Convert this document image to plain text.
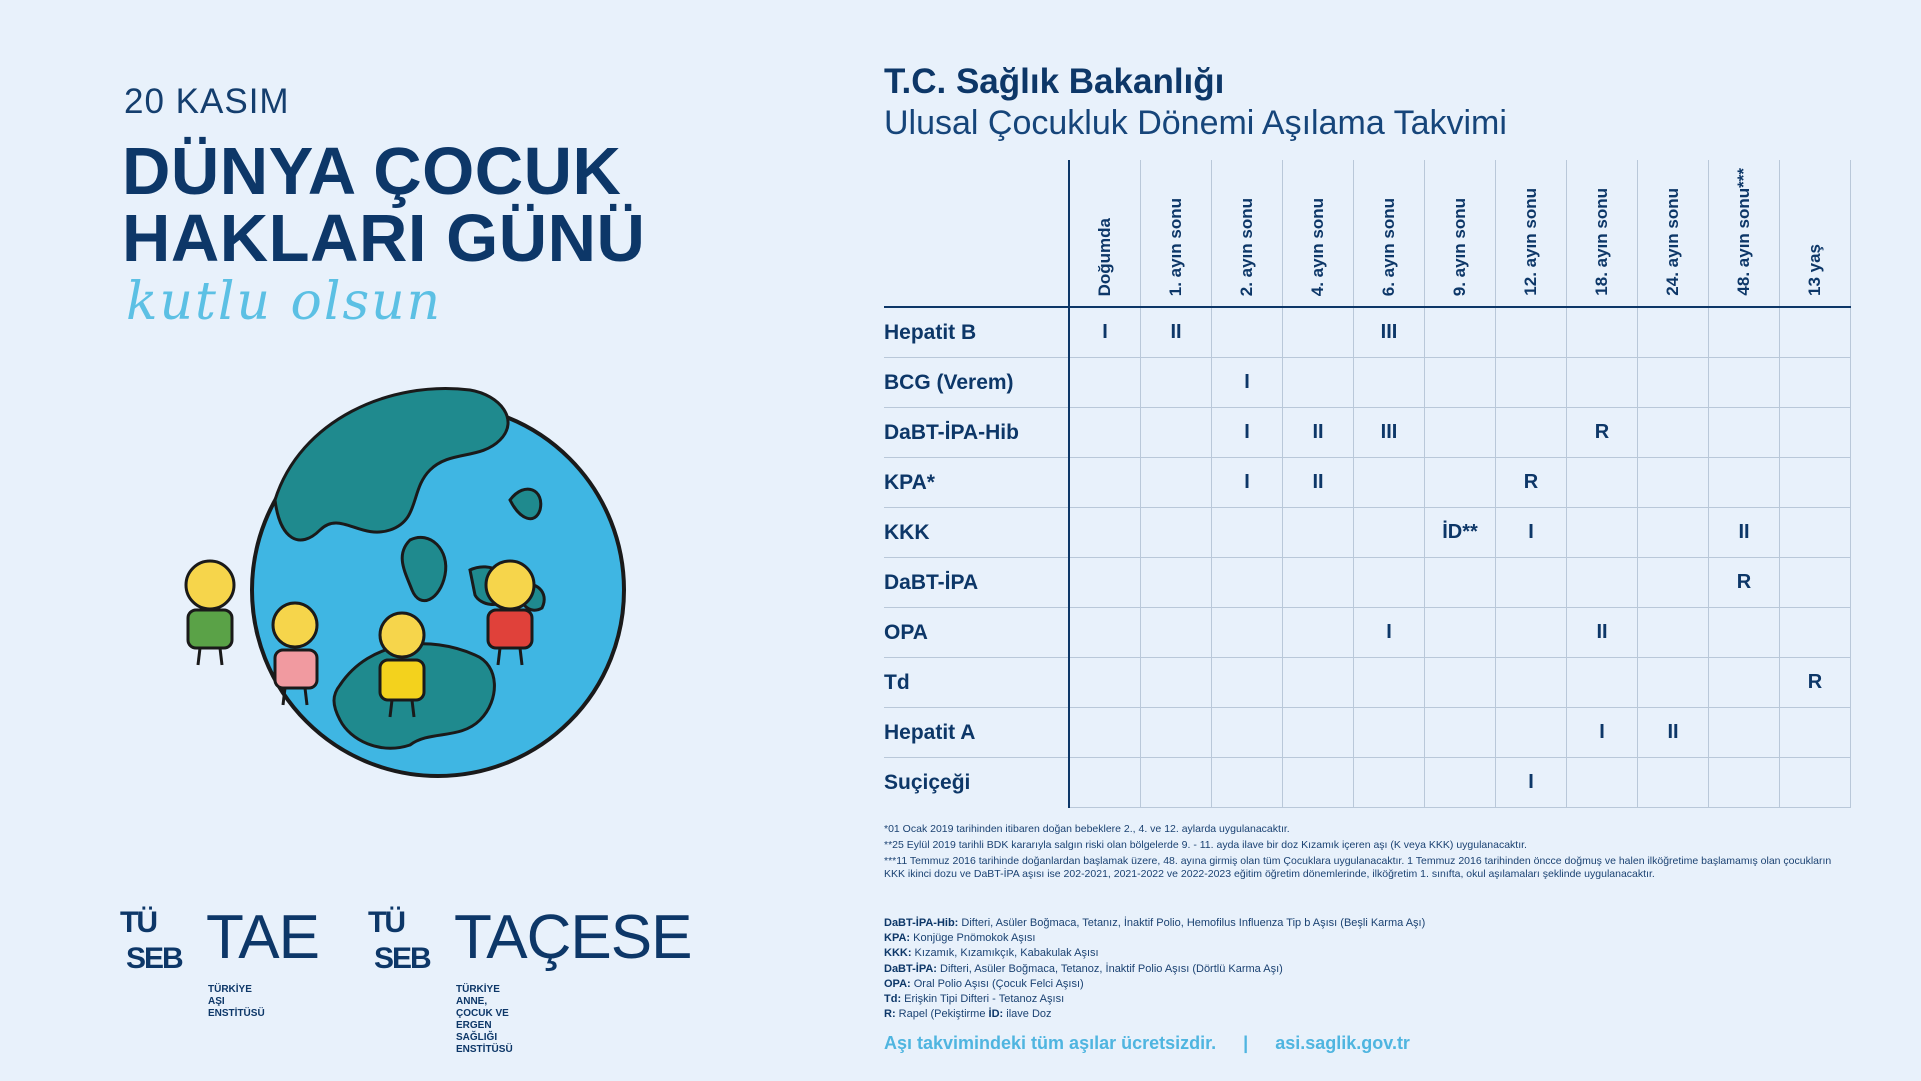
20 KASIM
DÜNYA ÇOCUK
HAKLARI GÜNÜ
kutlu olsun
TÜ
SEB TAE
TÜRKİYE AŞI
ENSTİTÜSÜ
TÜ
SEB TAÇESE
TÜRKİYE ANNE, ÇOCUK VE ERGEN SAĞLIĞI
ENSTİTÜSÜ
T.C. Sağlık Bakanlığı
Ulusal Çocukluk Dönemi Aşılama Takvimi

	Doğumda	1. ayın sonu	2. ayın sonu	4. ayın sonu	6. ayın sonu	9. ayın sonu	12. ayın sonu	18. ayın sonu	24. ayın sonu	48. ayın sonu***	13 yaş

Hepatit B	I	II			III						
BCG (Verem)			I								
DaBT-İPA-Hib			I	II	III			R			
KPA*			I	II			R				
KKK						İD**	I			II	
DaBT-İPA										R	
OPA					I			II			
Td											R
Hepatit A								I	II		
Suçiçeği							I				

*01 Ocak 2019 tarihinden itibaren doğan bebeklere 2., 4. ve 12. aylarda uygulanacaktır.

**25 Eylül 2019 tarihli BDK kararıyla salgın riski olan bölgelerde 9. - 11. ayda ilave bir doz Kızamık içeren aşı (K veya KKK) uygulanacaktır.

***11 Temmuz 2016 tarihinde doğanlardan başlamak üzere, 48. ayına girmiş olan tüm Çocuklara uygulanacaktır. 1 Temmuz 2016 tarihinden öncce doğmuş ve halen ilköğretime başlamamış olan çocukların KKK ikinci dozu ve DaBT-İPA aşısı ise 202-2021, 2021-2022 ve 2022-2023 eğitim öğretim dönemlerinde, ilköğretim 1. sınıfta, okul aşılamaları şeklinde uygulanacaktır.

DaBT-İPA-Hib: Difteri, Asüler Boğmaca, Tetanız, İnaktif Polio, Hemofilus Influenza Tip b Aşısı (Beşli Karma Aşı)
KPA: Konjüge Pnömokok Aşısı
KKK: Kızamık, Kızamıkçık, Kabakulak Aşısı
DaBT-İPA: Difteri, Asüler Boğmaca, Tetanoz, İnaktif Polio Aşısı (Dörtlü Karma Aşı)
OPA: Oral Polio Aşısı (Çocuk Felci Aşısı)
Td: Erişkin Tipi Difteri - Tetanoz Aşısı
R: Rapel (Pekiştirme İD: ilave Doz
Aşı takvimindeki tüm aşılar ücretsizdir. | asi.saglik.gov.tr
